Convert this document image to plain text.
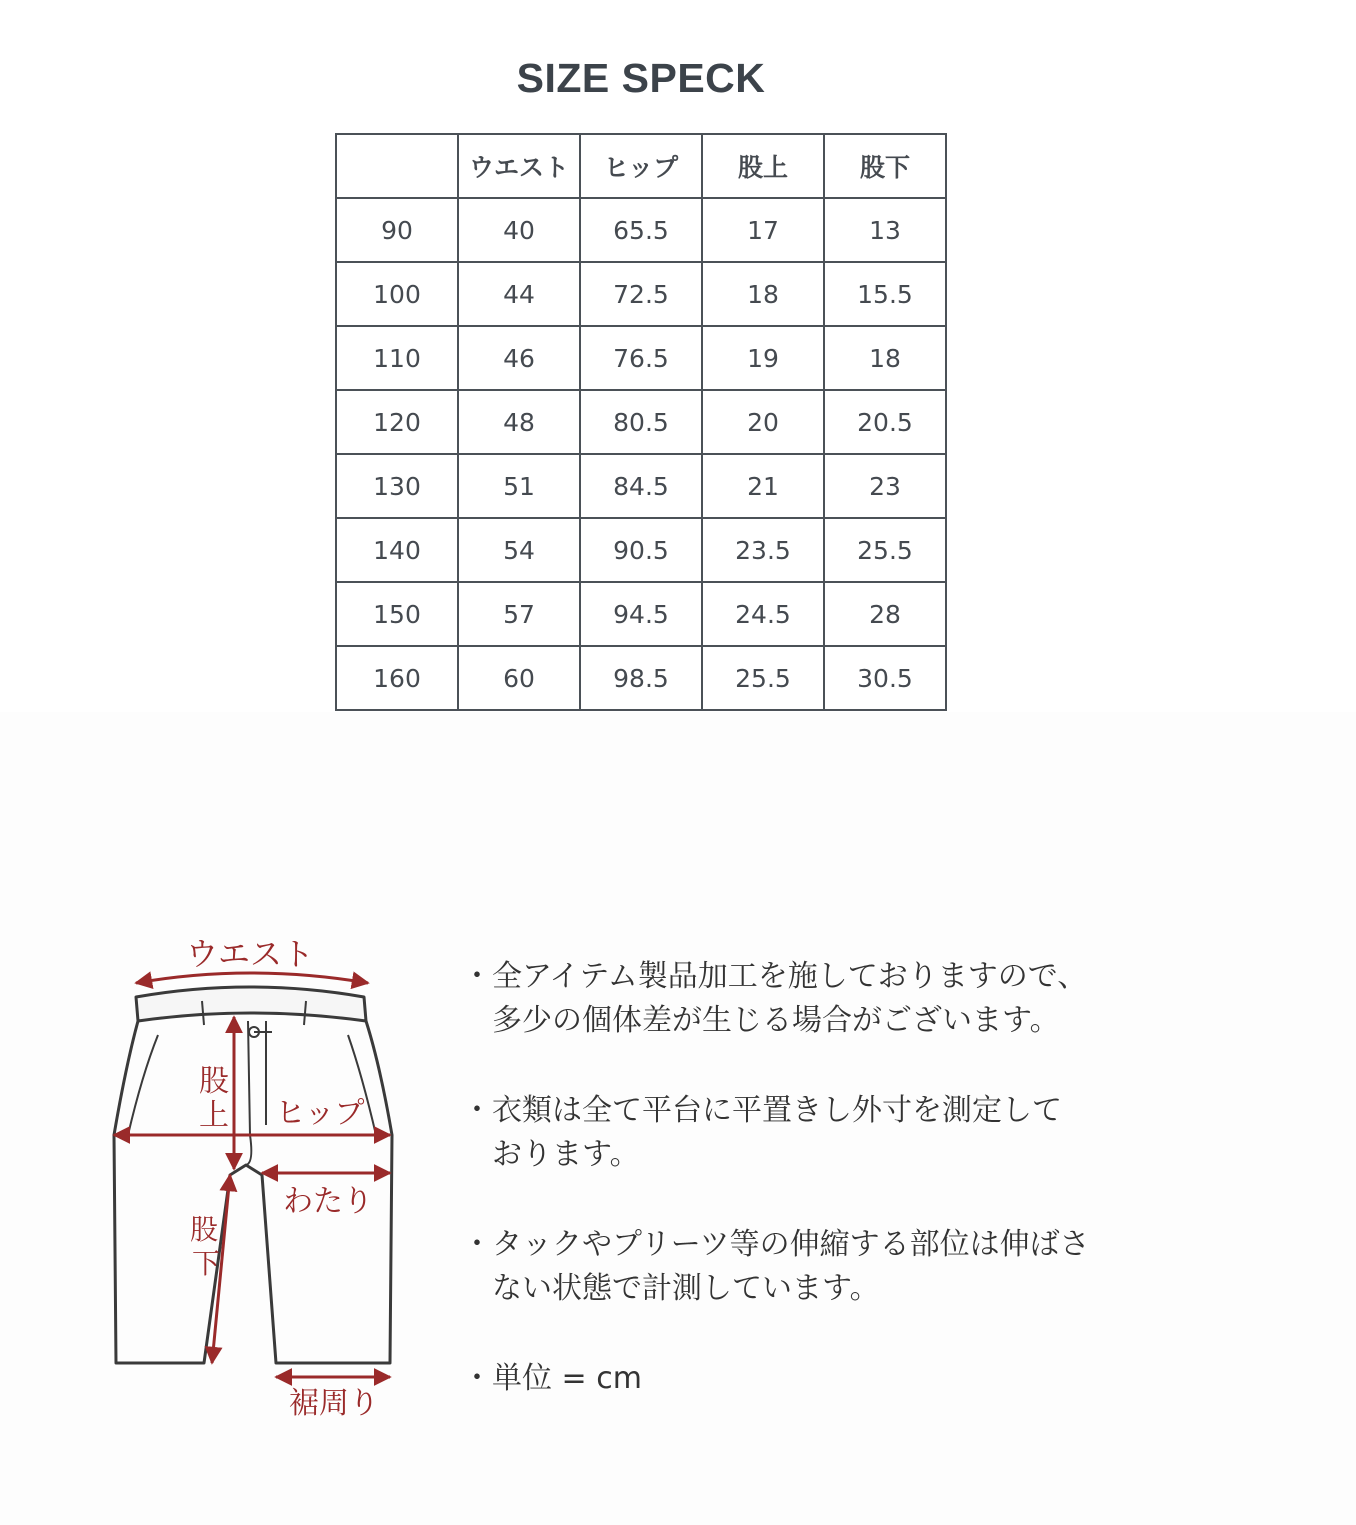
SIZE SPECK
	ウエスト	ヒップ	股上	股下
90	40	65.5	17	13
100	44	72.5	18	15.5
110	46	76.5	19	18
120	48	80.5	20	20.5
130	51	84.5	21	23
140	54	90.5	23.5	25.5
150	57	94.5	24.5	28
160	60	98.5	25.5	30.5
ウエスト
股
上 ヒップ
わたり
股
下
裾周り
・ 全アイテム製品加工を施しておりますので、
多少の個体差が生じる場合がございます。
・ 衣類は全て平台に平置きし外寸を測定して
おります。
・ タックやプリーツ等の伸縮する部位は伸ばさ
ない状態で計測しています。
・ 単位 = cm
